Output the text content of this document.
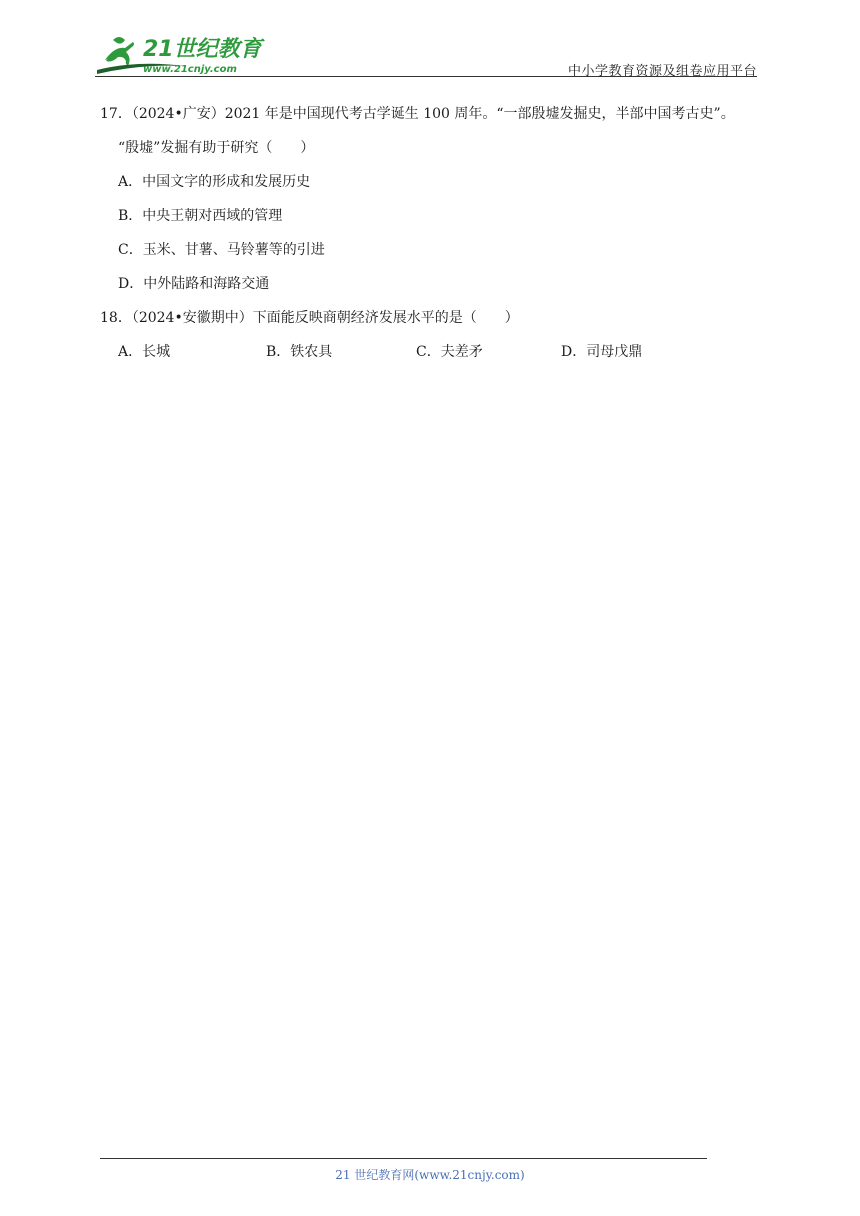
21世纪教育
www.21cnjy.com	中小学教育资源及组卷应用平台
17．（2024•广安）2021 年是中国现代考古学诞生 100 周年。“一部殷墟发掘史，半部中国考古史”。
“殷墟”发掘有助于研究（　　）
A．中国文字的形成和发展历史
B．中央王朝对西域的管理
C．玉米、甘薯、马铃薯等的引进
D．中外陆路和海路交通
18．（2024•安徽期中）下面能反映商朝经济发展水平的是（　　）
A．长城	B．铁农具	C．夫差矛	D．司母戊鼎
21 世纪教育网(www.21cnjy.com)
